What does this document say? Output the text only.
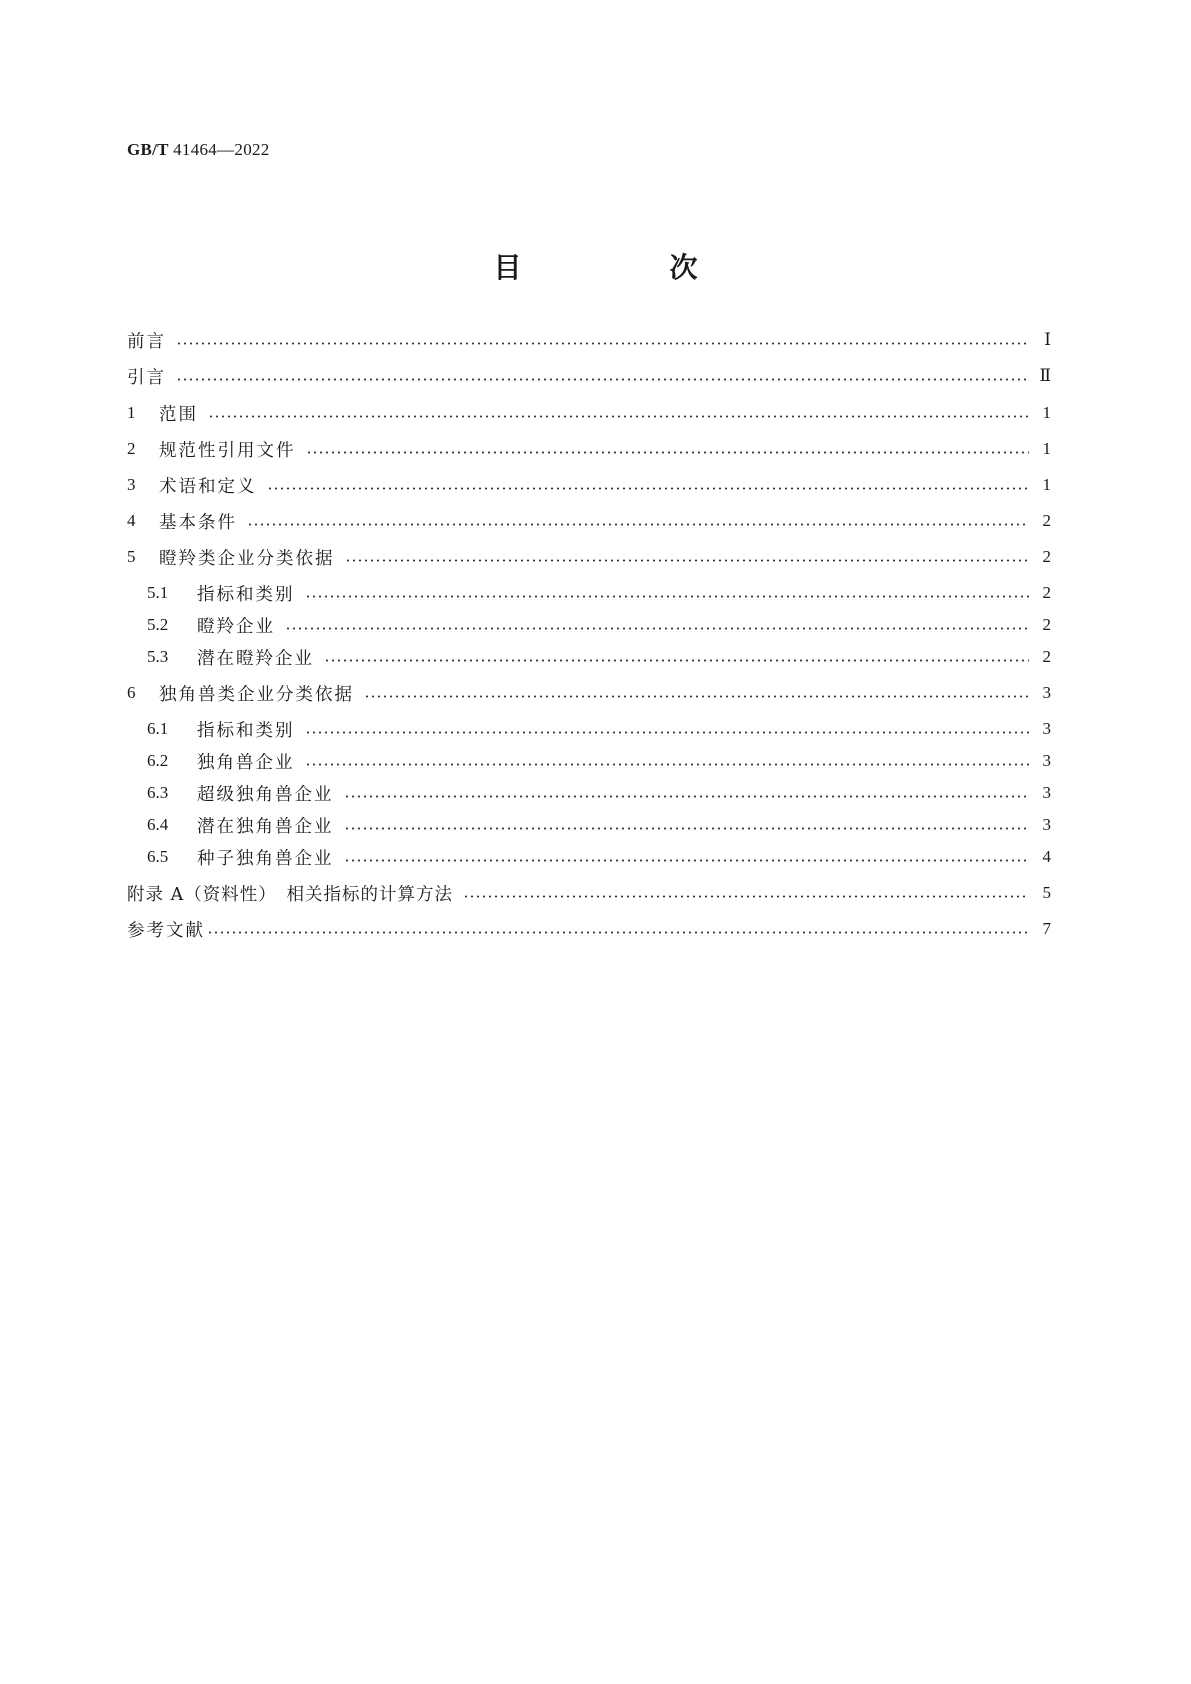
GB/T 41464—2022
目　次
前言	Ⅰ
引言	Ⅱ
1	范围	1
2	规范性引用文件	1
3	术语和定义	1
4	基本条件	2
5	瞪羚类企业分类依据	2
5.1	指标和类别	2
5.2	瞪羚企业	2
5.3	潜在瞪羚企业	2
6	独角兽类企业分类依据	3
6.1	指标和类别	3
6.2	独角兽企业	3
6.3	超级独角兽企业	3
6.4	潜在独角兽企业	3
6.5	种子独角兽企业	4
附录 A（资料性）　相关指标的计算方法	5
参考文献	7
